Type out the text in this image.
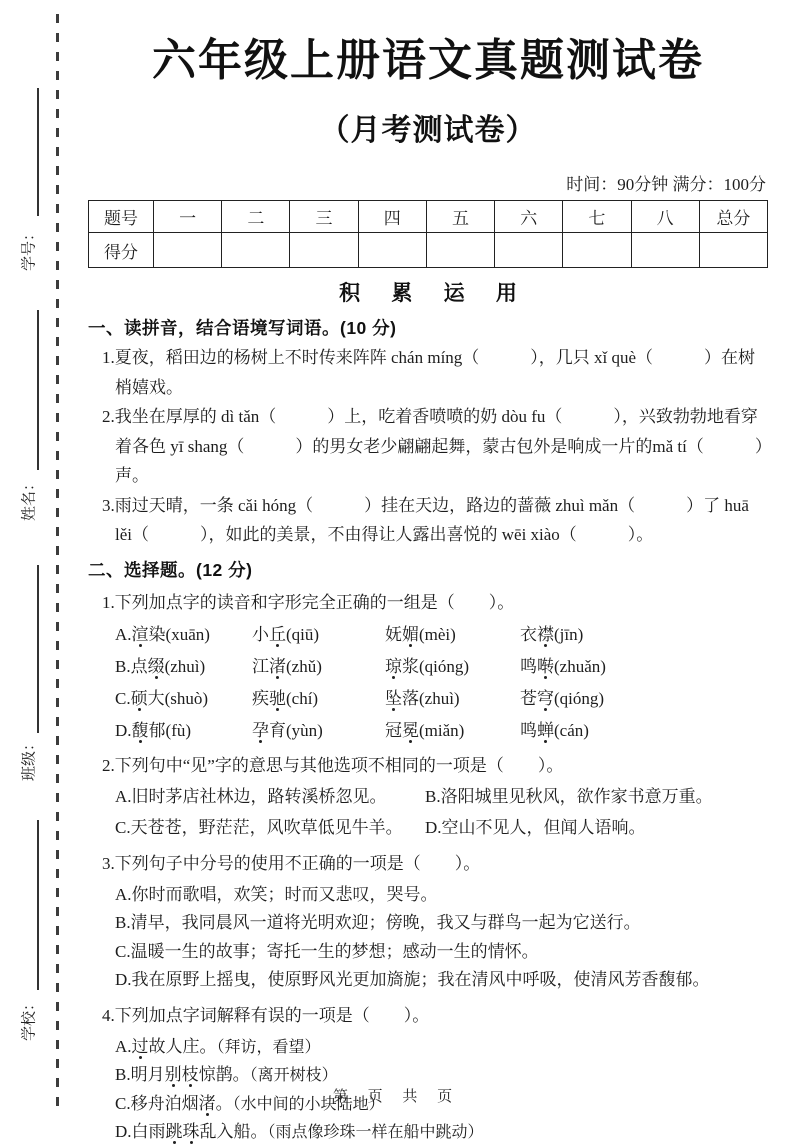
学号：
姓名：
班级：
学校：
六年级上册语文真题测试卷
（月考测试卷）
时间：90分钟 满分：100分
题号	一	二	三	四	五	六	七	八	总分
得分									
积 累 运 用
一、读拼音，结合语境写词语。(10 分)
1.夏夜，稻田边的杨树上不时传来阵阵 chán míng（　　　），几只 xǐ què（　　　）在树梢嬉戏。
2.我坐在厚厚的 dì tǎn（　　　）上，吃着香喷喷的奶 dòu fu（　　　），兴致勃勃地看穿着各色 yī shang（　　　）的男女老少翩翩起舞，蒙古包外是响成一片的mǎ tí（　　　）声。
3.雨过天晴，一条 cǎi hóng（　　　）挂在天边，路边的蔷薇 zhuì mǎn（　　　）了 huā lěi（　　　），如此的美景，不由得让人露出喜悦的 wēi xiào（　　　）。
二、选择题。(12 分)
1.下列加点字的读音和字形完全正确的一组是（　　）。
A.渲染(xuān)	小丘(qiū)	妩媚(mèi)	衣襟(jīn)
B.点缀(zhuì)	江渚(zhǔ)	琼浆(qióng)	鸣啭(zhuǎn)
C.硕大(shuò)	疾驰(chí)	坠落(zhuì)	苍穹(qióng)
D.馥郁(fù)	孕育(yùn)	冠冕(miǎn)	鸣蝉(cán)
2.下列句中“见”字的意思与其他选项不相同的一项是（　　）。
A.旧时茅店社林边，路转溪桥忽见。	B.洛阳城里见秋风，欲作家书意万重。
C.天苍苍，野茫茫，风吹草低见牛羊。	D.空山不见人，但闻人语响。
3.下列句子中分号的使用不正确的一项是（　　）。
A.你时而歌唱，欢笑；时而又悲叹，哭号。
B.清早，我同晨风一道将光明欢迎；傍晚，我又与群鸟一起为它送行。
C.温暖一生的故事；寄托一生的梦想；感动一生的情怀。
D.我在原野上摇曳，使原野风光更加旖旎；我在清风中呼吸，使清风芳香馥郁。
4.下列加点字词解释有误的一项是（　　）。
A.过故人庄。（拜访，看望）
B.明月别枝惊鹊。（离开树枝）
C.移舟泊烟渚。（水中间的小块陆地）
D.白雨跳珠乱入船。（雨点像珍珠一样在船中跳动）
第 页 共 页
